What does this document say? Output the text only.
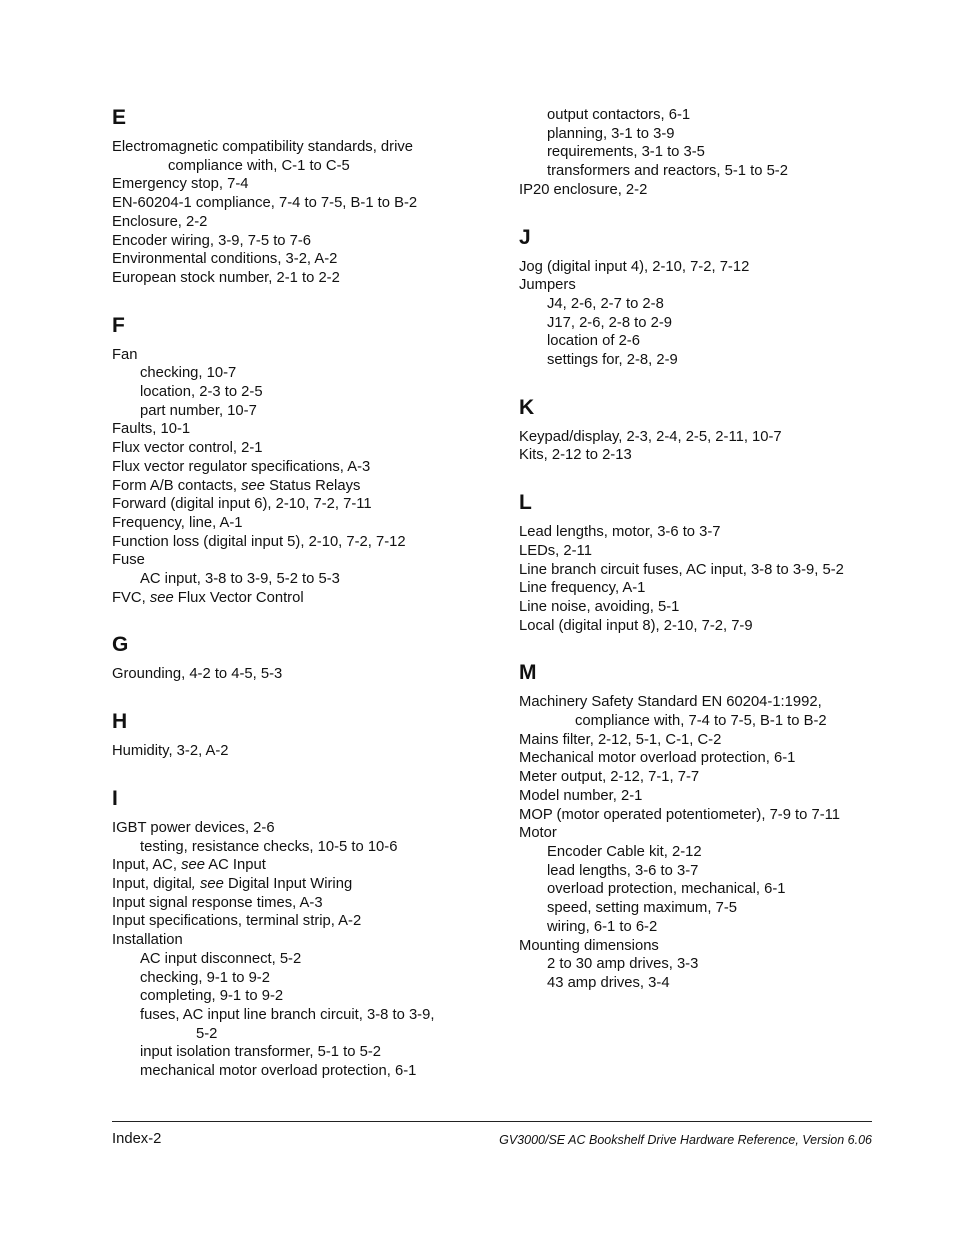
E
Electromagnetic compatibility standards, drive
compliance with, C-1 to C-5
Emergency stop, 7-4
EN-60204-1 compliance, 7-4 to 7-5, B-1 to B-2
Enclosure, 2-2
Encoder wiring, 3-9, 7-5 to 7-6
Environmental conditions, 3-2, A-2
European stock number, 2-1 to 2-2
F
Fan
checking, 10-7
location, 2-3 to 2-5
part number, 10-7
Faults, 10-1
Flux vector control, 2-1
Flux vector regulator specifications, A-3
Form A/B contacts, see Status Relays
Forward (digital input 6), 2-10, 7-2, 7-11
Frequency, line, A-1
Function loss (digital input 5), 2-10, 7-2, 7-12
Fuse
AC input, 3-8 to 3-9, 5-2 to 5-3
FVC, see Flux Vector Control
G
Grounding, 4-2 to 4-5, 5-3
H
Humidity, 3-2, A-2
I
IGBT power devices, 2-6
testing, resistance checks, 10-5 to 10-6
Input, AC, see AC Input
Input, digital, see Digital Input Wiring
Input signal response times, A-3
Input specifications, terminal strip, A-2
Installation
AC input disconnect, 5-2
checking, 9-1 to 9-2
completing, 9-1 to 9-2
fuses, AC input line branch circuit, 3-8 to 3-9,
5-2
input isolation transformer, 5-1 to 5-2
mechanical motor overload protection, 6-1
output contactors, 6-1
planning, 3-1 to 3-9
requirements, 3-1 to 3-5
transformers and reactors, 5-1 to 5-2
IP20 enclosure, 2-2
J
Jog (digital input 4), 2-10, 7-2, 7-12
Jumpers
J4, 2-6, 2-7 to 2-8
J17, 2-6, 2-8 to 2-9
location of 2-6
settings for, 2-8, 2-9
K
Keypad/display, 2-3, 2-4, 2-5, 2-11, 10-7
Kits, 2-12 to 2-13
L
Lead lengths, motor, 3-6 to 3-7
LEDs, 2-11
Line branch circuit fuses, AC input, 3-8 to 3-9, 5-2
Line frequency, A-1
Line noise, avoiding, 5-1
Local (digital input 8), 2-10, 7-2, 7-9
M
Machinery Safety Standard EN 60204-1:1992,
compliance with, 7-4 to 7-5, B-1 to B-2
Mains filter, 2-12, 5-1, C-1, C-2
Mechanical motor overload protection, 6-1
Meter output, 2-12, 7-1, 7-7
Model number, 2-1
MOP (motor operated potentiometer), 7-9 to 7-11
Motor
Encoder Cable kit, 2-12
lead lengths, 3-6 to 3-7
overload protection, mechanical, 6-1
speed, setting maximum, 7-5
wiring, 6-1 to 6-2
Mounting dimensions
2 to 30 amp drives, 3-3
43 amp drives, 3-4
Index-2	GV3000/SE AC Bookshelf Drive Hardware Reference, Version 6.06
